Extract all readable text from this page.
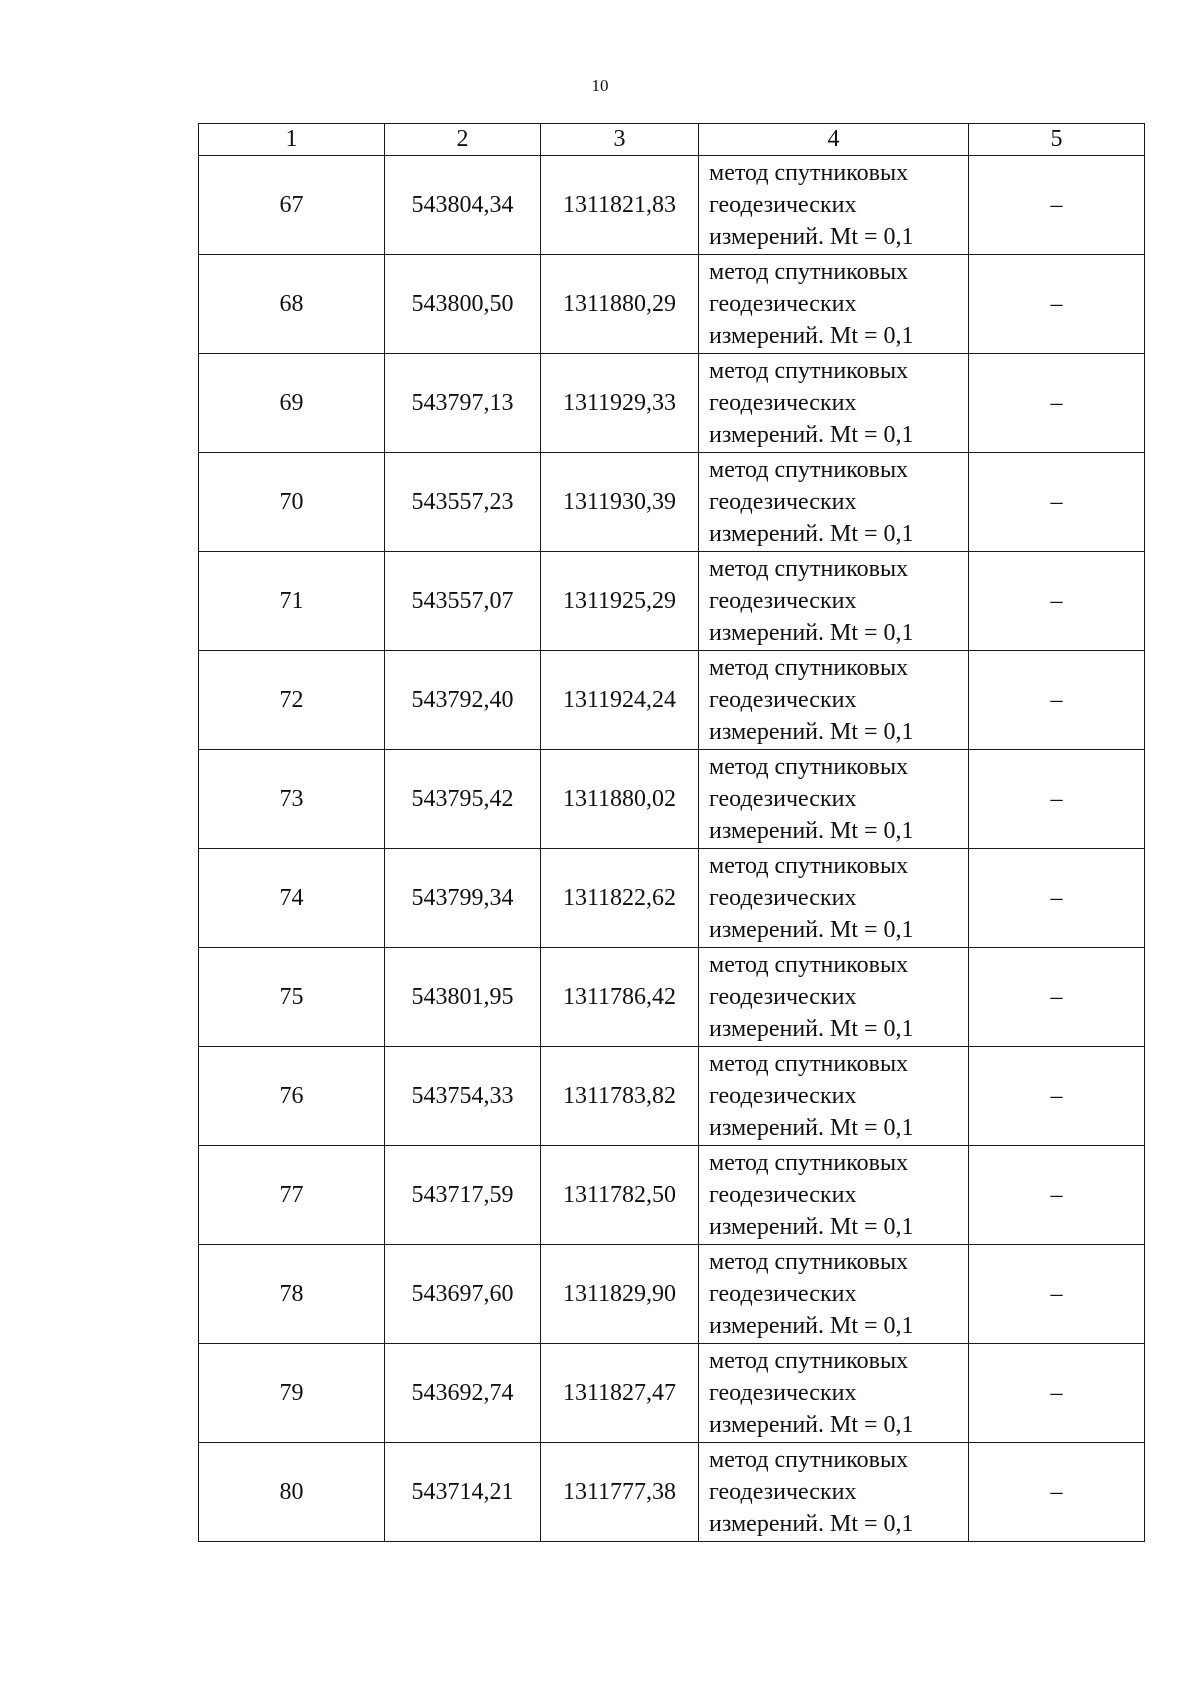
10
1	2	3	4	5
67	543804,34	1311821,83	метод спутниковых
геодезических
измерений. Mt = 0,1	–
68	543800,50	1311880,29	метод спутниковых
геодезических
измерений. Mt = 0,1	–
69	543797,13	1311929,33	метод спутниковых
геодезических
измерений. Mt = 0,1	–
70	543557,23	1311930,39	метод спутниковых
геодезических
измерений. Mt = 0,1	–
71	543557,07	1311925,29	метод спутниковых
геодезических
измерений. Mt = 0,1	–
72	543792,40	1311924,24	метод спутниковых
геодезических
измерений. Mt = 0,1	–
73	543795,42	1311880,02	метод спутниковых
геодезических
измерений. Mt = 0,1	–
74	543799,34	1311822,62	метод спутниковых
геодезических
измерений. Mt = 0,1	–
75	543801,95	1311786,42	метод спутниковых
геодезических
измерений. Mt = 0,1	–
76	543754,33	1311783,82	метод спутниковых
геодезических
измерений. Mt = 0,1	–
77	543717,59	1311782,50	метод спутниковых
геодезических
измерений. Mt = 0,1	–
78	543697,60	1311829,90	метод спутниковых
геодезических
измерений. Mt = 0,1	–
79	543692,74	1311827,47	метод спутниковых
геодезических
измерений. Mt = 0,1	–
80	543714,21	1311777,38	метод спутниковых
геодезических
измерений. Mt = 0,1	–
